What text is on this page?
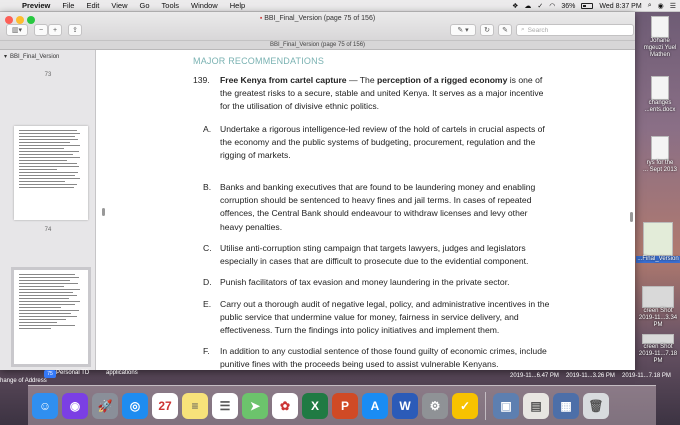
Preview	File	Edit	View	Go	Tools	Window	Help	❖ ☁ ✓ ◠ 36%	Wed 8:37 PM ⌕ ◉ ☰
Johane
mgeuzi Yuel
Mathen
changes
...ents.docx
rys for the
... Sept 2013
...Final_Version
creen Shot
2019-11...3.34 PM
creen Shot
2019-11...7.18 PM
▪ BBI_Final_Version (page 75 of 156)
▥▾ − + ⇪	✎ ▾ ↻ ✎ ⌕ Search
BBI_Final_Version (page 75 of 156)
▾ BBI_Final_Version
73
74
75
MAJOR RECOMMENDATIONS
139. Free Kenya from cartel capture — The perception of a rigged economy is one of the greatest risks to a secure, stable and united Kenya. It serves as a major incentive for the utilisation of divisive ethnic politics.
A. Undertake a rigorous intelligence-led review of the hold of cartels in crucial aspects of the economy and the public systems of budgeting, procurement, regulation and the rigging of markets.
B. Banks and banking executives that are found to be laundering money and enabling corruption should be sentenced to heavy fines and jail terms. In cases of repeated offences, the Central Bank should endeavour to withdraw licenses and levy other heavy penalties.
C. Utilise anti-corruption sting campaign that targets lawyers, judges and legislators especially in cases that are difficult to prosecute due to the evidential component.
D. Punish facilitators of tax evasion and money laundering in the private sector.
E. Carry out a thorough audit of negative legal, policy, and administrative incentives in the public service that undermine value for money, fairness in service delivery, and effectiveness. Turn the findings into policy initiatives and implement them.
F. In addition to any custodial sentence of those found guilty of economic crimes, include punitive fines with the proceeds being used to assist vulnerable Kenyans.
hange of Address
Personal TD	applications	2019-11...6.47 PM 2019-11...3.26 PM 2019-11...7.18 PM
☺	◉	🚀	◎	27	≡	☰	➤	✿	X	P	A	W	⚙	✓	▣	▤	▦	🗑
